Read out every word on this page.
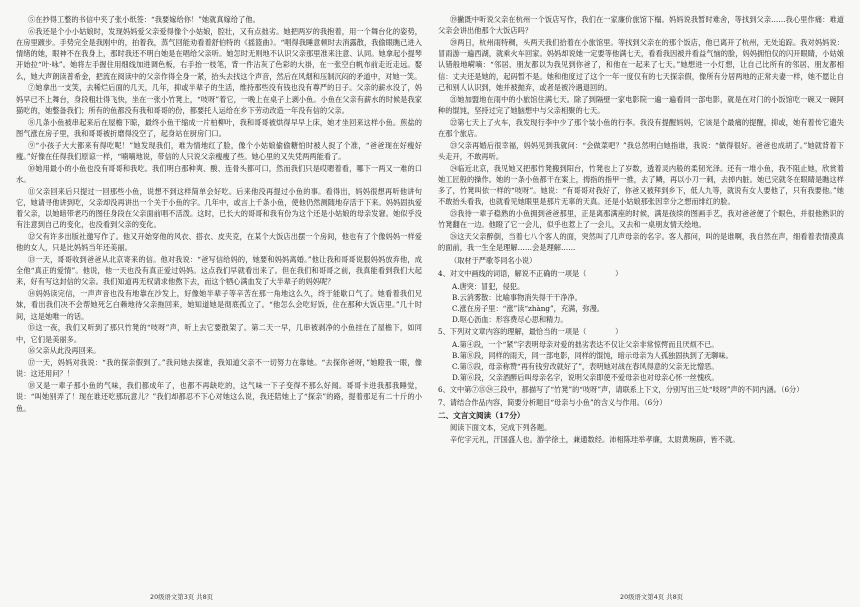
⑤在抄得工整的书信中夹了张小纸签：“我要嫁给你！”她就真嫁给了他。

⑥我还是个小小姑娘时，发现妈妈爱父亲爱得像个小姑娘，腔壮，又有点拙劣。她把两岁的我抱着，用一个舞台化的姿势，在房里踱步。手势完全是我刚中的，拍着我，蒸气回能劝看着舒伯特的《摇篮曲》。“唱得我睡意顿时去消露散，我偷眼瞧己进入情绪的她，眼神不在我身上，那时我还不明白她是在唱给父亲听。她怎时无则地不认识父亲那里准来注意、认同。她拿起小提琴开始拉“叶·咏”。她将左手握住用细线加进调色板，右手抬一枝笔，背一件沾灰了色彩的大褂，在一张空白帆布前走近走远。娶么，她大声朗读普希金，把流在阅读中的父亲作得全身一紧，抬头去找这个声音，然后在风烟和压制沉闷的矛道中，对她一笑。

⑦她拿出一支笑，去稀烂后面的几天，几年，抑或半辈子的生活，维持那些没有钱也没有尊严的日子。父亲的薪水没了，妈妈早已不上舞台，身段粗壮得飞快，坐在一张小竹凳上，“吱呀”着它，一晚上在桌子上剥小鱼。小鱼在父亲有薪水的时候是我家猫吃的，她整备我们；所有的鱼都没有我和哥哥的份，都要托人运给在乡下劳动改造一年没有信的父亲。

⑧几条小鱼被串起来后在屋檐下晾，最终小鱼干缩成一片柏柳叶，我和哥哥被烘得早早上床，她才坐回来这样小鱼。煎盐的图气涨在房子里，我和哥哥被折磨得没空了，起身站在厨房门口。

⑨“小孩子大大都来有得吃呢！”她发现我们，难为情地红了脸，像个小姑娘偷偷糖怕时被人捉了个准，“爸爸现在好瘦好瘦。”好像在任得我们原谅一样，“喃喃地说，带信的人只说父亲瘦瘦了些。她心里的又失凭两两能看了。

⑩她用最小的小鱼也没有哥哥和我吃。我们明白那种爽、酸、连骨头都可口，然而我们只是哎嗯着看，哪下一两又一难的口水。

⑪父亲回来后只提过一回那些小鱼，说想不到这样简单会好吃。后来他没再提过小鱼的事。看得出，妈妈很想再听他讲句它，她请寻他讲到吃，父亲却没再讲出一个关于小鱼的字。几年中，或言上千条小鱼，使他仍然测随地存活于下来。妈妈固执爱着父亲，以她暗带老巧的图任身段在父亲面前唱不活泼。这时，已长大的哥哥和我有份为这个还是小姑娘的母亲发窘。她似乎没有注意到自己的变化，也没看到父亲的变化。

⑫父有许多出版社邀写作了。他又开始穿他的风衣、搭衣、皮夹克，在某个大饭店出摆一个房间，他也有了个像妈妈一样爱他的女人，只是比妈妈当年还美丽。

⑬一天，哥哥收到爸爸从北京寄来的信。他对我说：“爸写信给妈的，她要和妈妈离婚。”他让我和哥哥说服妈妈放弃他，成全他“真正的爱情”。他说，他一天也没有真正爱过妈妈。这点我们早就看出来了。但在我们和哥哥之前，我真能看到我们大起来，好有写这封信的父亲。我们知道再无权请求他熬下去，而这个牺心满血发了大半辈子的妈妈呢？

⑭妈妈读完信，一声声音也没有地靠在沙发上，好像她半辈子等辛苦在那一角地这么久，终于能歇口气了。她看着我们兄妹，看出我们决不会帮她死乞白赖地待父亲拖回来，她知道她是彻底孤立了。“他怎么会吃好饭，住在那种大饭店里。”几十时间，这是她唯一的话。

⑮这一夜，我们又听到了那只竹凳的“吱呀”声，听上去它要散架了。第二天一早，几串被剥净的小鱼挂在了屋檐下，如同中，它们是美丽多。

⑯父亲从此没再回来。

⑰一天，妈妈对我说：“我的探亲假到了。”我问她去探谁，我知道父亲不一切努力在靠她。“去探你爸呀，”她瞪我一眼，像说：这还用问？！

⑱又是一辈子那小鱼的气味，我们都成年了，也都不再缺吃的，这气味一下子变得不那么好闻。哥哥卡进我那我睡觉，说：“叫她别弄了！现在谁还吃那玩意儿？”我们却都忍不下心对她这么说，我还陪她上了“探亲”的路，提着那足有二十斤的小鱼。

⑲撇既中听说父亲在杭州一个饭店写作，我们在一家廉价旅馆下榻。妈妈说我暂时难舍，等找到父亲……我心里作痛：难道父亲会讲出他那个大饭店吗？

⑳两日，杭州雨特稠，头两天我们拾着在小旅馆里。等找到父亲在的那个饭店，他已离开了杭州，无处追踪。我对妈妈说：冒雨游一遍西湖，就乘火车回家。妈妈却说她一定要等他满七天，看看我因被并看益气恼的脸，妈妈拥怕仅的闪开眼睛，小姑娘认错般地嗬嘀：“邻居、朋友都以为我见到你爸了，和他在一起来了七天。”她想进一小灯想，让自己比所有的邻居、朋友都相信：丈夫还是她的，起码暂不是。她和他度过了这个一年一度仅有的七天探亲假，像所有分居两地的正常夫妻一样，她不愿让自己和别人认识到，她并被抛弃，或者是被冷遇退回的。

㉑她加盟地在雨中的小旅馆住满七天。除了到隔壁一家电影院一遍一遍看同一部电影，就是在对门的小饭馆吃一碗又一碗阿种的馄饨，坚持过完了她脑想中与父亲相聚的七天。

㉒第七天上了火车，我发现行李中少了那个装小鱼的行李。我没有提醒妈妈，它该是个最痛的提醒，抑或，她有着传它遗失在那个旅店。

㉓父亲再婚后很幸福，妈妈见到我就问：“会做菜吧？”我总然明白她指谁，我说：“做得很好。爸爸也成胡了。”她就背着下头走开，不敢再听。

㉔临近北京，我见她又把那竹凳搬到阳台，竹凳也上了岁数，透着灵内般的柔韧光泽。还有一堆小鱼，我不阻止她，欣赏着她工匠般的操作。她的一条小鱼都干在案上，拇指的指甲一推，去了鳞，再以小刀一刺，去掉内脏。她已完就冬在眼睛是瞧这样多了，竹凳叫依一样的“吱呀”。她说：“有哥哥对我好了，你爸又被拜到乡下，低人九等，就说有女人要他了，只有我要他。”她不敢抬头看我，也就看见她眼里是那片无辜的天真。还是小姑娘那张因幸分之想而绯红的脸。

㉕我待一辈子稳熟的小鱼拥到爸爸那里，正是离那满座的时候，满是孩续的图画手艺，我对爸爸便了个眼色，并很他熟识的竹凳翻在一边。他瞪了它一会儿，似乎也惹上了一会儿，又去和一桌朋友情天绘地。

㉖这天父亲醉倒，当着七八个客人的面，突然叫了几声母亲的名字。客人都问，叫的是谁啊，我自然在声，细看着表情漠真的面前，我一生全是理解……会是理解……

（取材于严歌苓同名小说）

4、对文中画线的词语，解说不正确的一项是（　　　　）

A.唐突：冒犯，侵犯。

B.云消雾散：比喻事物消失得干干净净。

C.涨在房子里：“涨”读“zhàng”，充满，弥漫。

D.呕心沥血：形容费尽心思和精力。

5、下列对文章内容的理解，最恰当的一项是（　　　　）

A.第④段，一个“紧”字表明母亲对爱的拙劣表达不仅让父亲非常惊愕而且厌烦不已。

B.第⑧段，同样的雨天，同一部电影，同样的馄饨，暗示母亲为人孤独固执到了无聊味。

C.第⑤段，母亲称赞“再有钱穷改就好了”，表明她对战在春风得意的父亲无比憎恶。

D.第⑥段，父亲酒醉后叫母亲名字，说明父亲即使不爱母亲也对母亲心怀一丝愧疚。

6、文中第⑦⑮㉔三段中，都描写了“竹凳”的“吱呀”声，请联系上下文，分别写出三处“吱呀”声的不同内涵。（6分）

7、请结合作品内容，简要分析题目“母亲与小鱼”的含义与作用。（6分）

二、文言文阅读（17分）

阅读下面文本，完成下列各题。

辛佗字元礼，汗国盛人也。游学徐土，兼通数经。沛相陈珪举孝廉，太尉黄琬辟，皆不就。

20级语文第3页 共8页	20级语文第4页 共8页
